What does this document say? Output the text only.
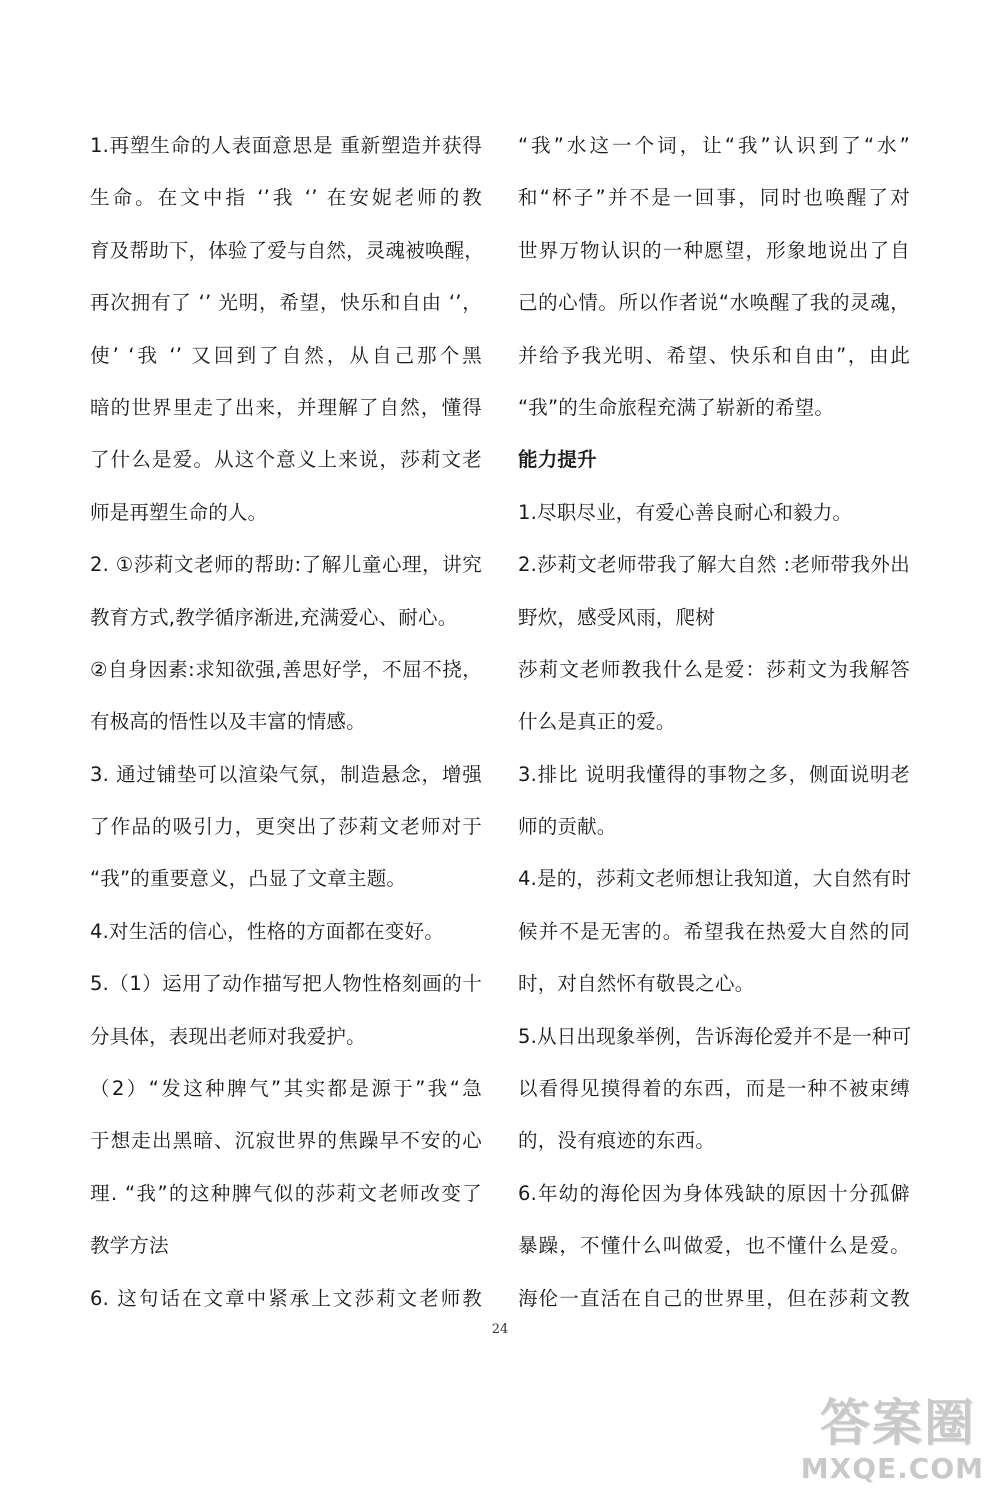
1.再塑生命的人表面意思是 重新塑造并获得
生命。在文中指 ‘’我 ‘’ 在安妮老师的教
育及帮助下，体验了爱与自然，灵魂被唤醒，
再次拥有了 ‘’ 光明，希望，快乐和自由 ‘’，
使’ ‘我 ‘’ 又回到了自然，从自己那个黑
暗的世界里走了出来，并理解了自然，懂得
了什么是爱。从这个意义上来说，莎莉文老
师是再塑生命的人。
2. ①莎莉文老师的帮助:了解儿童心理，讲究
教育方式,教学循序渐进,充满爱心、耐心。
②自身因素:求知欲强,善思好学，不屈不挠，
有极高的悟性以及丰富的情感。
3. 通过铺垫可以渲染气氛，制造悬念，增强
了作品的吸引力，更突出了莎莉文老师对于
“我”的重要意义，凸显了文章主题。
4.对生活的信心，性格的方面都在变好。
5.（1）运用了动作描写把人物性格刻画的十
分具体，表现出老师对我爱护。
（2）“发这种脾气”其实都是源于”我“急
于想走出黑暗、沉寂世界的焦躁早不安的心
理. “我”的这种脾气似的莎莉文老师改变了
教学方法
6. 这句话在文章中紧承上文莎莉文老师教
“我”水这一个词，让“我”认识到了“水”
和“杯子”并不是一回事，同时也唤醒了对
世界万物认识的一种愿望，形象地说出了自
己的心情。所以作者说“水唤醒了我的灵魂，
并给予我光明、希望、快乐和自由”，由此
“我”的生命旅程充满了崭新的希望。
能力提升
1.尽职尽业，有爱心善良耐心和毅力。
2.莎莉文老师带我了解大自然 :老师带我外出
野炊，感受风雨，爬树
莎莉文老师教我什么是爱：莎莉文为我解答
什么是真正的爱。
3.排比 说明我懂得的事物之多，侧面说明老
师的贡献。
4.是的，莎莉文老师想让我知道，大自然有时
候并不是无害的。希望我在热爱大自然的同
时，对自然怀有敬畏之心。
5.从日出现象举例，告诉海伦爱并不是一种可
以看得见摸得着的东西，而是一种不被束缚
的，没有痕迹的东西。
6.年幼的海伦因为身体残缺的原因十分孤僻
暴躁，不懂什么叫做爱，也不懂什么是爱。
海伦一直活在自己的世界里，但在莎莉文教
24
答案圈
MXQE.COM
